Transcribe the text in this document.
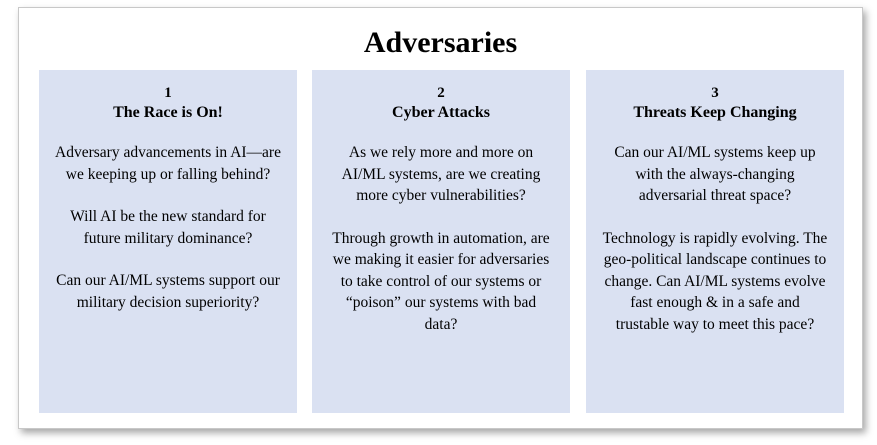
Adversaries
1
The Race is On!
Adversary advancements in AI—are we keeping up or falling behind?
Will AI be the new standard for future military dominance?
Can our AI/ML systems support our military decision superiority?
2
Cyber Attacks
As we rely more and more on AI/ML systems, are we creating more cyber vulnerabilities?
Through growth in automation, are we making it easier for adversaries to take control of our systems or “poison” our systems with bad data?
3
Threats Keep Changing
Can our AI/ML systems keep up with the always-changing adversarial threat space?
Technology is rapidly evolving. The geo-political landscape continues to change. Can AI/ML systems evolve fast enough & in a safe and trustable way to meet this pace?
